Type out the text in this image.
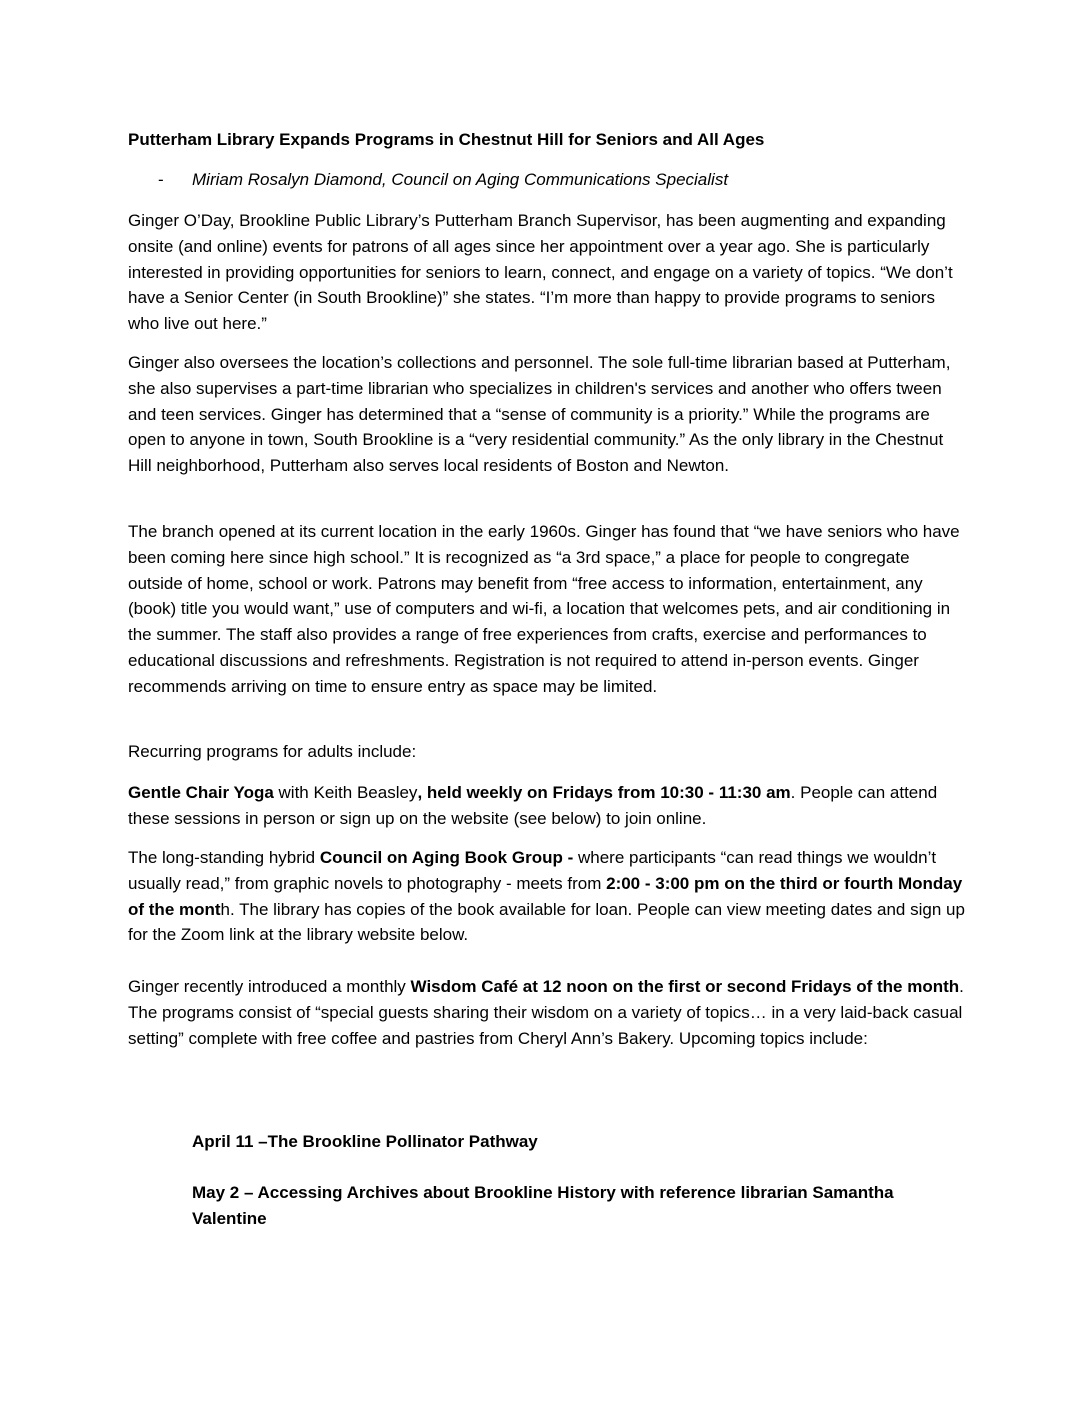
Putterham Library Expands Programs in Chestnut Hill for Seniors and All Ages
- Miriam Rosalyn Diamond, Council on Aging Communications Specialist

Ginger O’Day, Brookline Public Library’s Putterham Branch Supervisor, has been augmenting and expanding onsite (and online) events for patrons of all ages since her appointment over a year ago. She is particularly interested in providing opportunities for seniors to learn, connect, and engage on a variety of topics. “We don’t have a Senior Center (in South Brookline)” she states. “I’m more than happy to provide programs to seniors who live out here.”

Ginger also oversees the location’s collections and personnel. The sole full-time librarian based at Putterham, she also supervises a part-time librarian who specializes in children's services and another who offers tween and teen services. Ginger has determined that a “sense of community is a priority.” While the programs are open to anyone in town, South Brookline is a “very residential community.” As the only library in the Chestnut Hill neighborhood, Putterham also serves local residents of Boston and Newton.

The branch opened at its current location in the early 1960s. Ginger has found that “we have seniors who have been coming here since high school.” It is recognized as “a 3rd space,” a place for people to congregate outside of home, school or work. Patrons may benefit from “free access to information, entertainment, any (book) title you would want,” use of computers and wi-fi, a location that welcomes pets, and air conditioning in the summer. The staff also provides a range of free experiences from crafts, exercise and performances to educational discussions and refreshments. Registration is not required to attend in-person events. Ginger recommends arriving on time to ensure entry as space may be limited.

Recurring programs for adults include:

Gentle Chair Yoga with Keith Beasley, held weekly on Fridays from 10:30 - 11:30 am. People can attend these sessions in person or sign up on the website (see below) to join online.

The long-standing hybrid Council on Aging Book Group - where participants “can read things we wouldn’t usually read,” from graphic novels to photography - meets from 2:00 - 3:00 pm on the third or fourth Monday of the month. The library has copies of the book available for loan. People can view meeting dates and sign up for the Zoom link at the library website below.

Ginger recently introduced a monthly Wisdom Café at 12 noon on the first or second Fridays of the month. The programs consist of “special guests sharing their wisdom on a variety of topics… in a very laid-back casual setting” complete with free coffee and pastries from Cheryl Ann’s Bakery. Upcoming topics include:

April 11 –The Brookline Pollinator Pathway

May 2 – Accessing Archives about Brookline History with reference librarian Samantha Valentine
